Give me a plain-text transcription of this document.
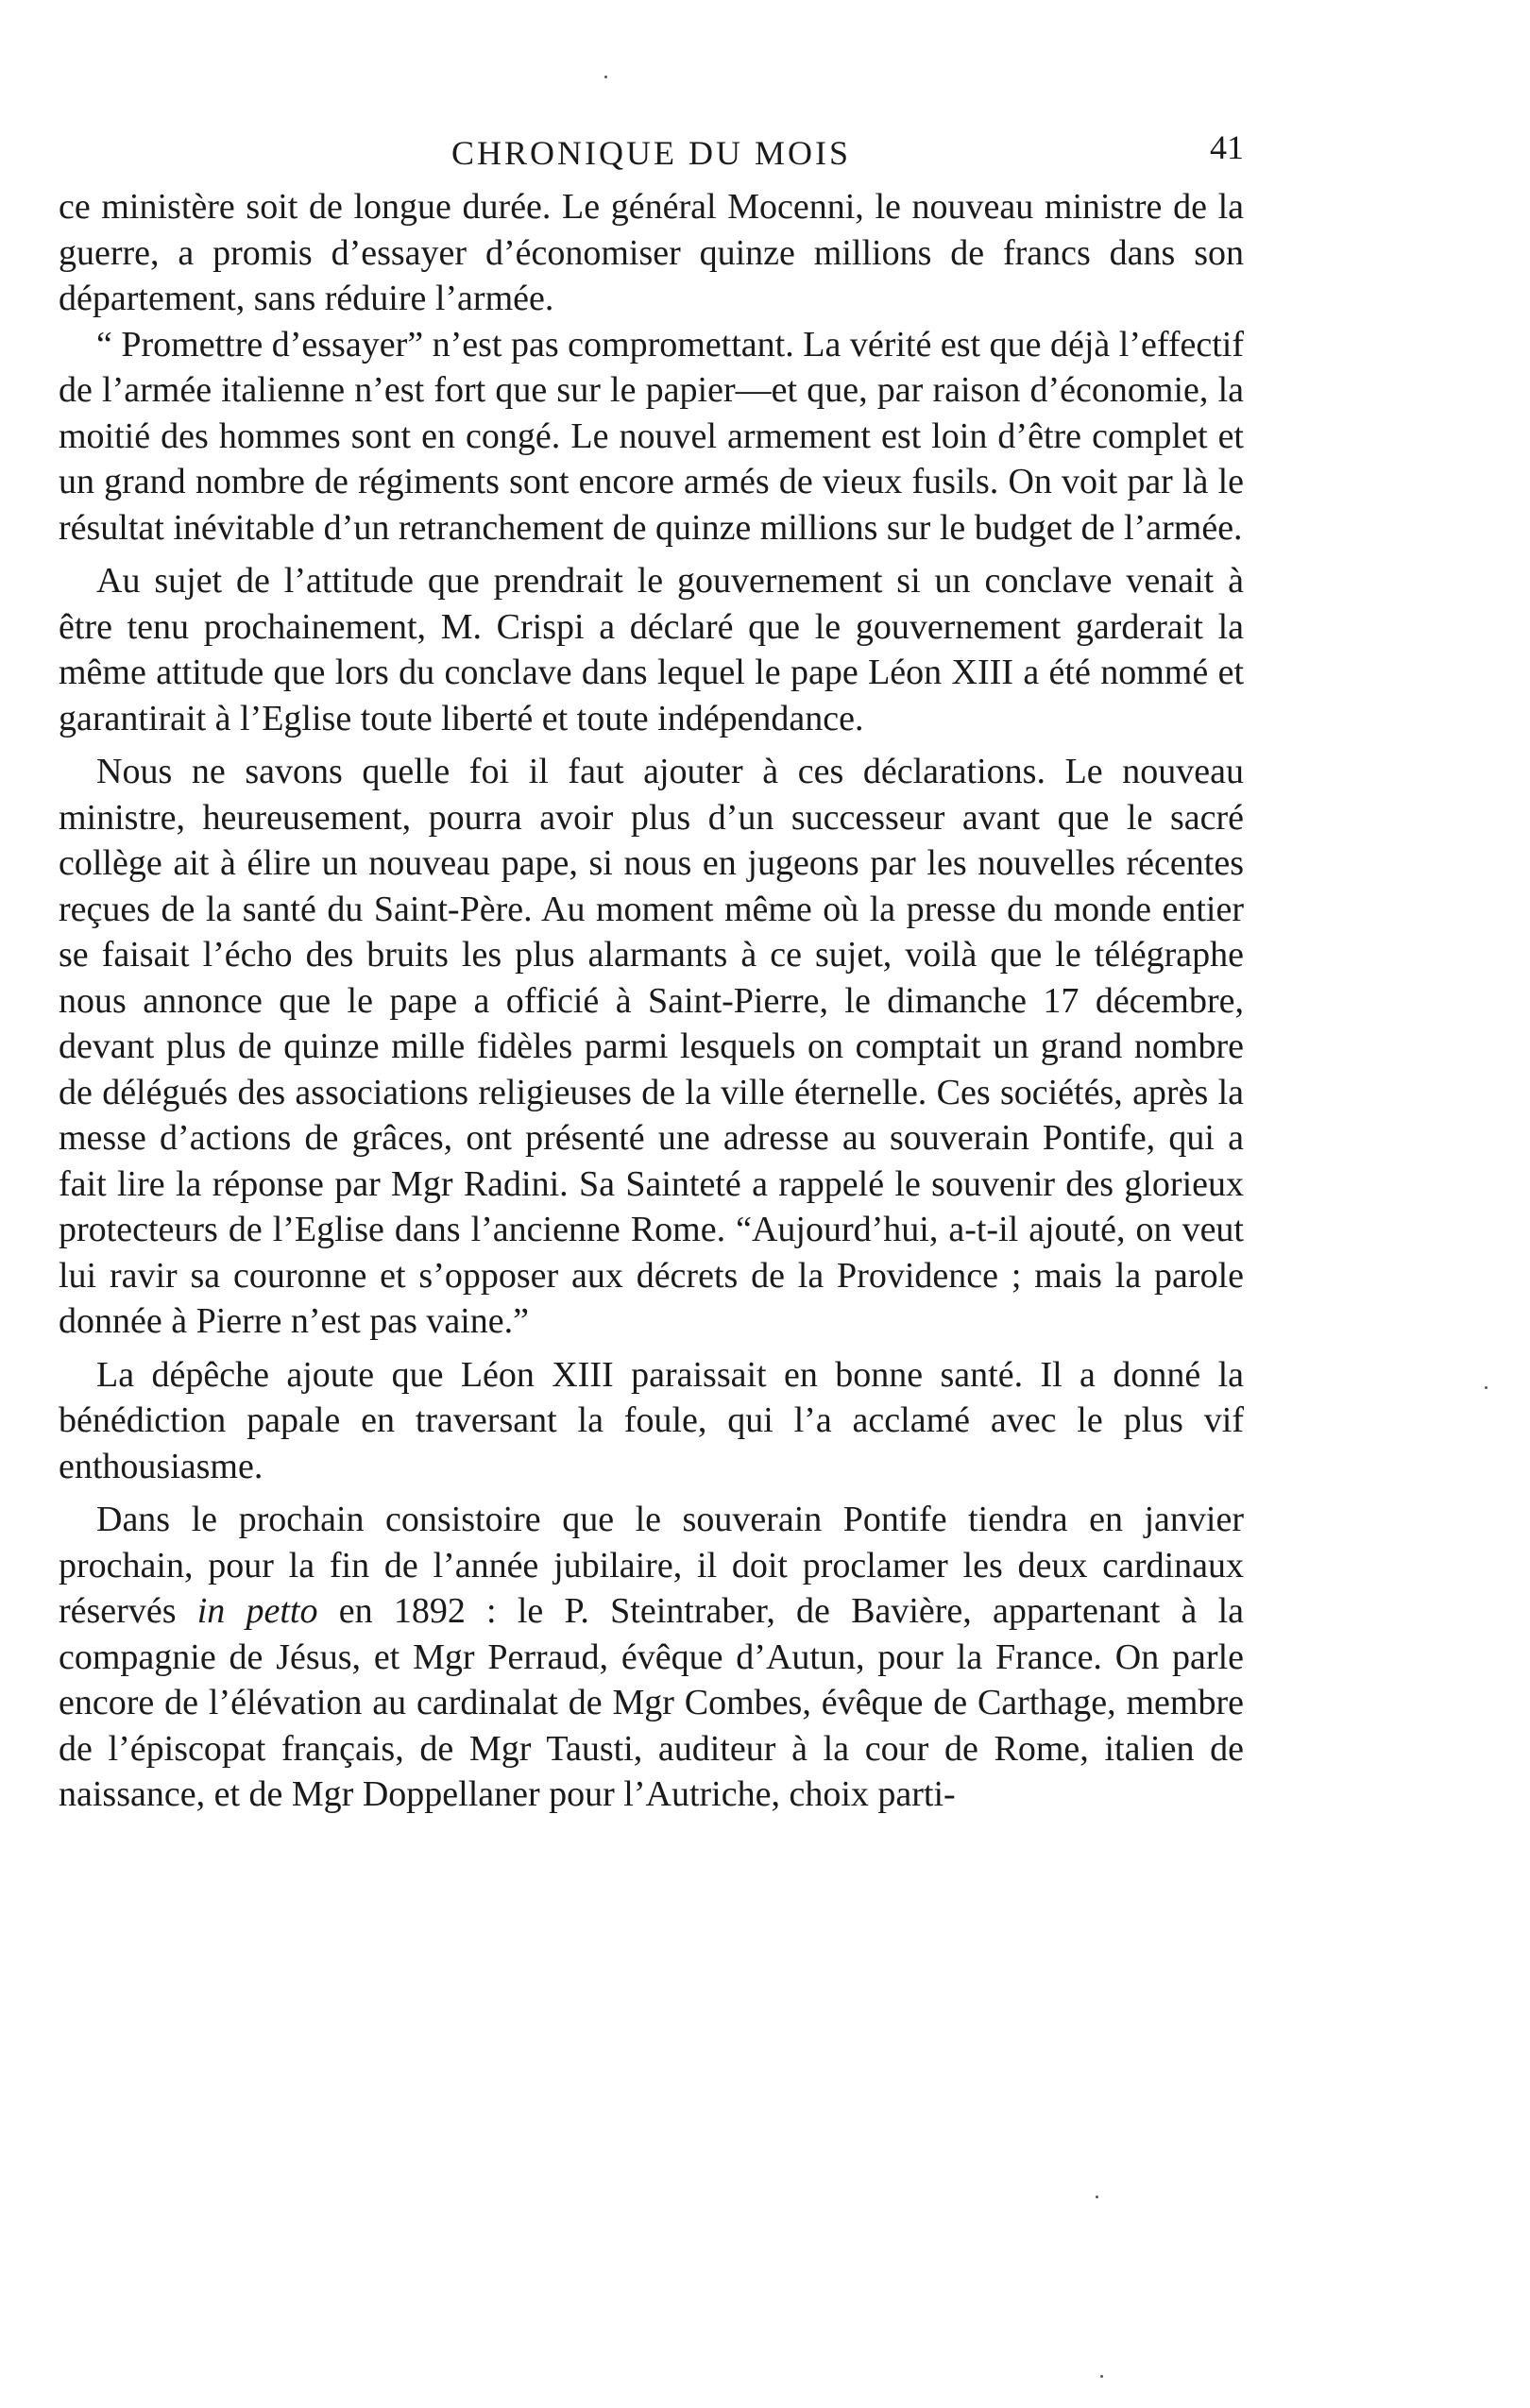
CHRONIQUE DU MOIS	41

ce ministère soit de longue durée. Le général Mocenni, le nouveau ministre de la guerre, a promis d’essayer d’économiser quinze millions de francs dans son département, sans réduire l’armée.

“ Promettre d’essayer” n’est pas compromettant. La vérité est que déjà l’effectif de l’armée italienne n’est fort que sur le papier—et que, par raison d’économie, la moitié des hommes sont en congé. Le nouvel armement est loin d’être complet et un grand nombre de régiments sont encore armés de vieux fusils. On voit par là le résultat inévitable d’un retranchement de quinze millions sur le budget de l’armée.

Au sujet de l’attitude que prendrait le gouvernement si un conclave venait à être tenu prochainement, M. Crispi a déclaré que le gouvernement garderait la même attitude que lors du conclave dans lequel le pape Léon XIII a été nommé et garantirait à l’Eglise toute liberté et toute indépendance.

Nous ne savons quelle foi il faut ajouter à ces déclarations. Le nouveau ministre, heureusement, pourra avoir plus d’un successeur avant que le sacré collège ait à élire un nouveau pape, si nous en jugeons par les nouvelles récentes reçues de la santé du Saint-Père. Au moment même où la presse du monde entier se faisait l’écho des bruits les plus alarmants à ce sujet, voilà que le télégraphe nous annonce que le pape a officié à Saint-Pierre, le dimanche 17 décembre, devant plus de quinze mille fidèles parmi lesquels on comptait un grand nombre de délégués des associations religieuses de la ville éternelle. Ces sociétés, après la messe d’actions de grâces, ont présenté une adresse au souverain Pontife, qui a fait lire la réponse par Mgr Radini. Sa Sainteté a rappelé le souvenir des glorieux protecteurs de l’Eglise dans l’ancienne Rome. “Aujourd’hui, a-t-il ajouté, on veut lui ravir sa couronne et s’opposer aux décrets de la Providence ; mais la parole donnée à Pierre n’est pas vaine.”

La dépêche ajoute que Léon XIII paraissait en bonne santé. Il a donné la bénédiction papale en traversant la foule, qui l’a acclamé avec le plus vif enthousiasme.

Dans le prochain consistoire que le souverain Pontife tiendra en janvier prochain, pour la fin de l’année jubilaire, il doit proclamer les deux cardinaux réservés in petto en 1892 : le P. Steintraber, de Bavière, appartenant à la compagnie de Jésus, et Mgr Perraud, évêque d’Autun, pour la France. On parle encore de l’élévation au cardinalat de Mgr Combes, évêque de Carthage, membre de l’épiscopat français, de Mgr Tausti, auditeur à la cour de Rome, italien de naissance, et de Mgr Doppellaner pour l’Autriche, choix parti-
